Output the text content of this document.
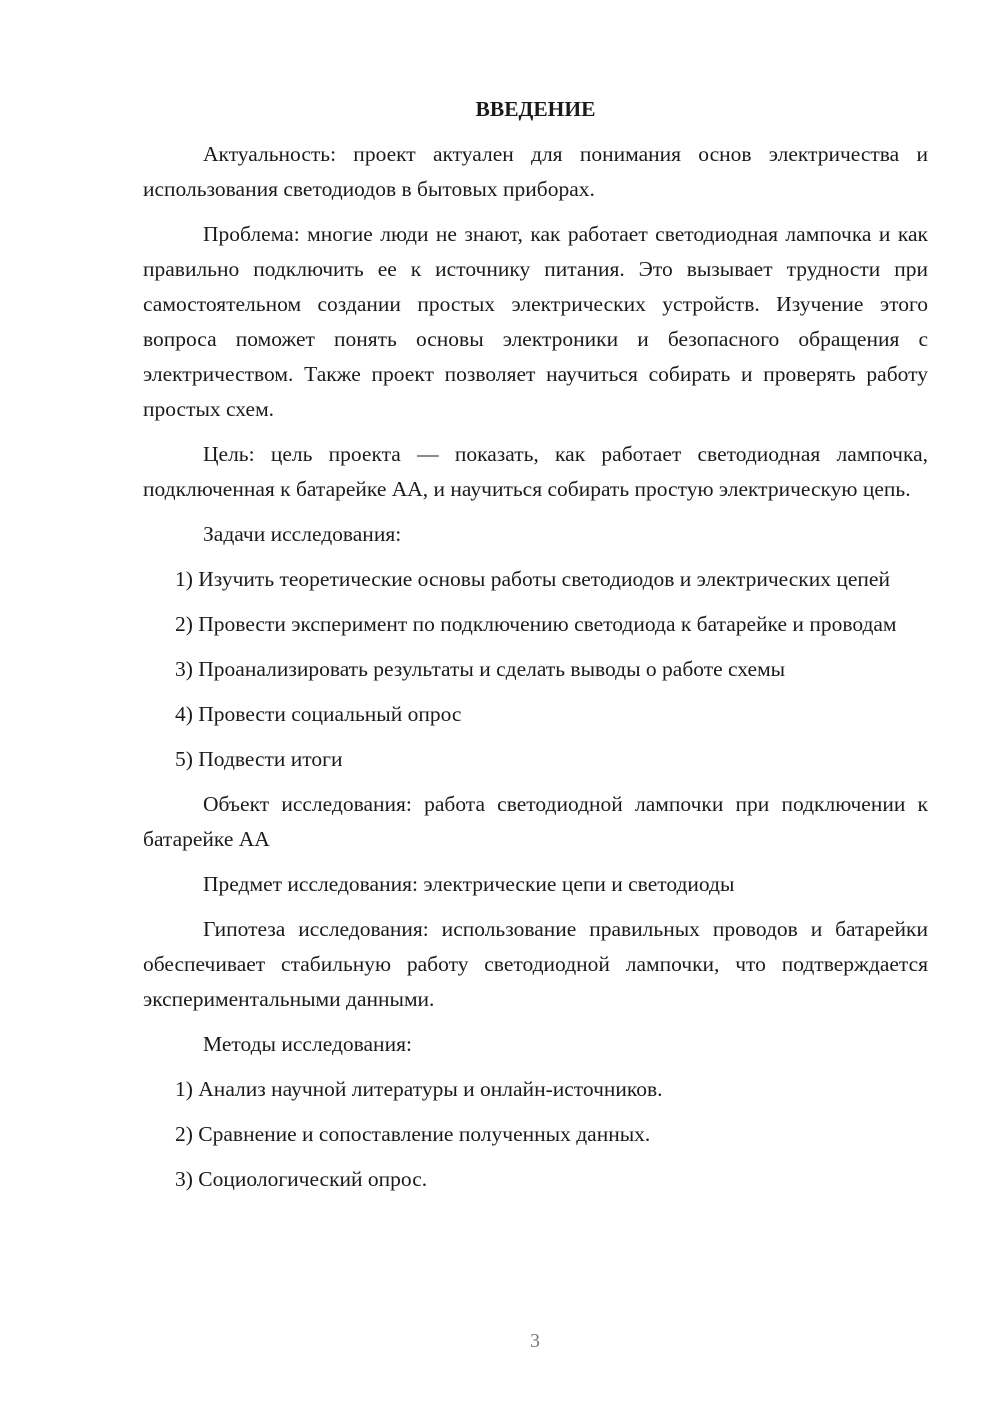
ВВЕДЕНИЕ

Актуальность: проект актуален для понимания основ электричества и использования светодиодов в бытовых приборах.

Проблема: многие люди не знают, как работает светодиодная лампочка и как правильно подключить ее к источнику питания. Это вызывает трудности при самостоятельном создании простых электрических устройств. Изучение этого вопроса поможет понять основы электроники и безопасного обращения с электричеством. Также проект позволяет научиться собирать и проверять работу простых схем.

Цель: цель проекта — показать, как работает светодиодная лампочка, подключенная к батарейке АА, и научиться собирать простую электрическую цепь.

Задачи исследования:

1) Изучить теоретические основы работы светодиодов и электрических цепей

2) Провести эксперимент по подключению светодиода к батарейке и проводам

3) Проанализировать результаты и сделать выводы о работе схемы

4) Провести социальный опрос

5) Подвести итоги

Объект исследования: работа светодиодной лампочки при подключении к батарейке АА

Предмет исследования: электрические цепи и светодиоды

Гипотеза исследования: использование правильных проводов и батарейки обеспечивает стабильную работу светодиодной лампочки, что подтверждается экспериментальными данными.

Методы исследования:

1) Анализ научной литературы и онлайн-источников.

2) Сравнение и сопоставление полученных данных.

3) Социологический опрос.

3
